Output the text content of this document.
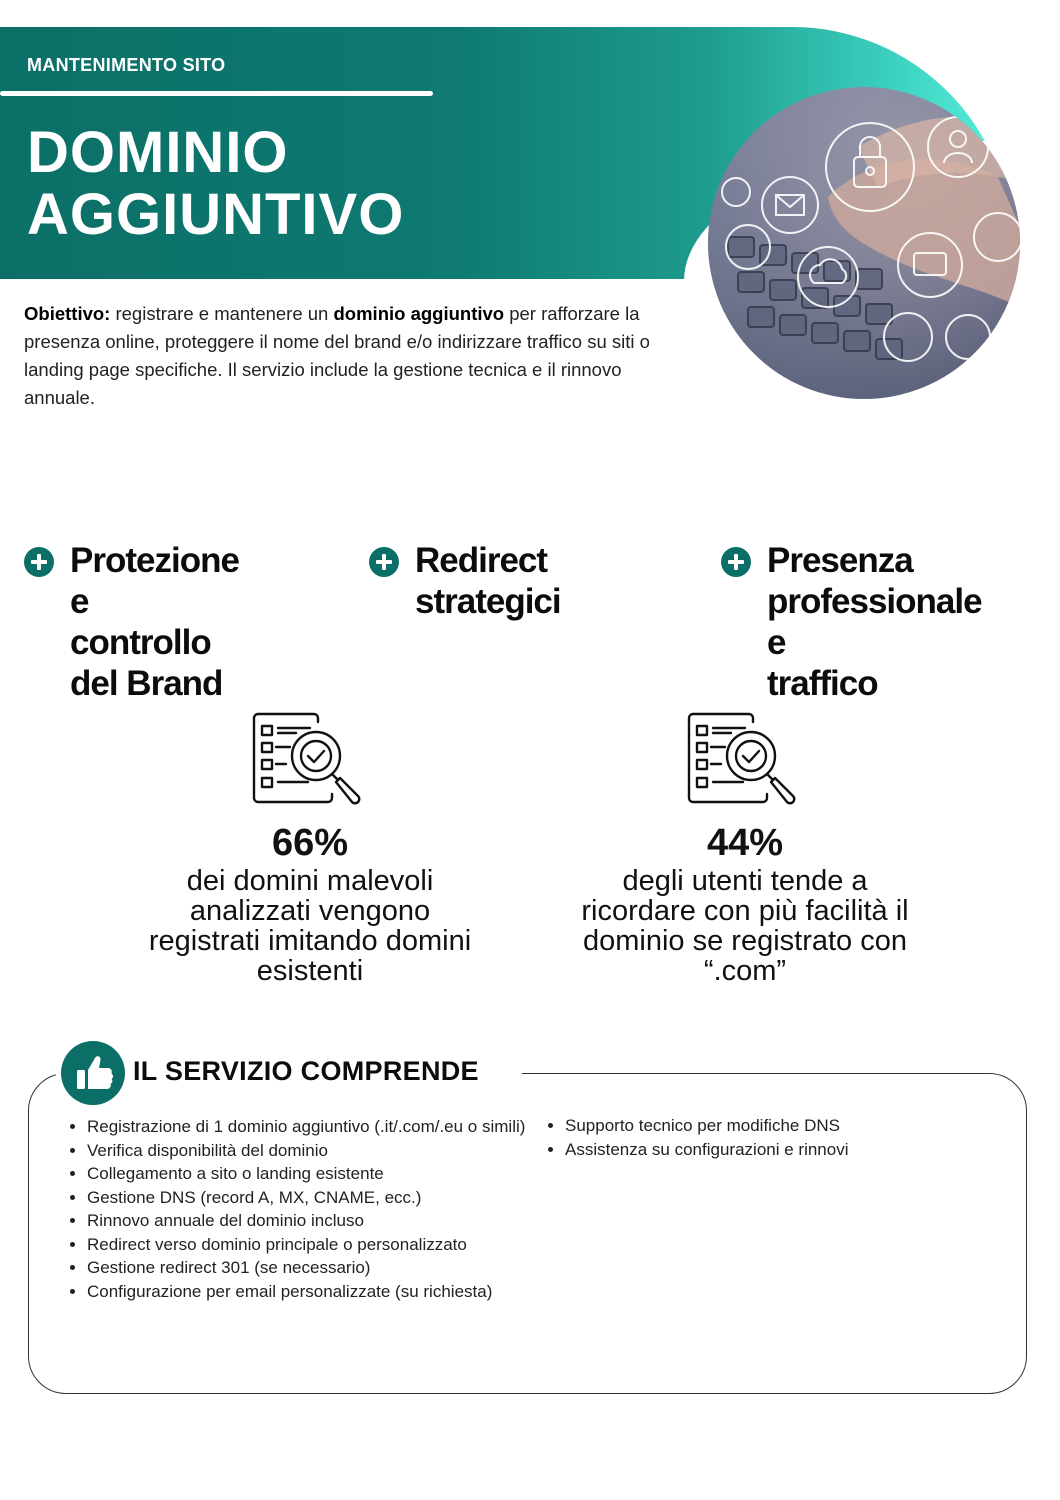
MANTENIMENTO SITO
DOMINIO
AGGIUNTIVO
Obiettivo: registrare e mantenere un dominio aggiuntivo per rafforzare la presenza online, proteggere il nome del brand e/o indirizzare traffico su siti o landing page specifiche. Il servizio include la gestione tecnica e il rinnovo annuale.
Protezione e
controllo
del Brand
Redirect
strategici
Presenza
professionale e
traffico
66%
dei domini malevoli analizzati vengono registrati imitando domini esistenti
44%
degli utenti tende a ricordare con più facilità il dominio se registrato con “.com”
IL SERVIZIO COMPRENDE
• Registrazione di 1 dominio aggiuntivo (.it/.com/.eu o simili)
• Verifica disponibilità del dominio
• Collegamento a sito o landing esistente
• Gestione DNS (record A, MX, CNAME, ecc.)
• Rinnovo annuale del dominio incluso
• Redirect verso dominio principale o personalizzato
• Gestione redirect 301 (se necessario)
• Configurazione per email personalizzate (su richiesta)
• Supporto tecnico per modifiche DNS
• Assistenza su configurazioni e rinnovi
